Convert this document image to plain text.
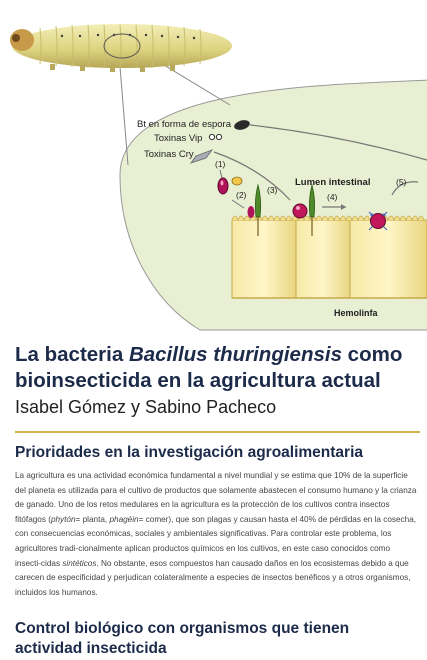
Bt en forma de espora
Toxinas Vip
Toxinas Cry
Lumen intestinal
Hemolinfa
(1)
(2) (3)
(4)
(5)
La bacteria Bacillus thuringiensis como bioinsecticida en la agricultura actual

Isabel Gómez y Sabino Pacheco

Prioridades en la investigación agroalimentaria

La agricultura es una actividad económica fundamental a nivel mundial y se estima que 10% de la superficie del planeta es utilizada para el cultivo de productos que solamente abastecen el consumo humano y la crianza de ganado. Uno de los retos medulares en la agricultura es la protección de los cultivos contra insectos fitófagos (phytón= planta, phagéin= comer), que son plagas y causan hasta el 40% de pérdidas en la cosecha, con consecuencias económicas, sociales y ambientales significativas. Para controlar este problema, los agricultores tradi-cionalmente aplican productos químicos en los cultivos, en este caso conocidos como insecti-cidas sintéticos. No obstante, esos compuestos han causado daños en los ecosistemas debido a que carecen de especificidad y perjudican colateralmente a especies de insectos benéficos y a otros organismos, incluidos los humanos.

Control biológico con organismos que tienen actividad insecticida
